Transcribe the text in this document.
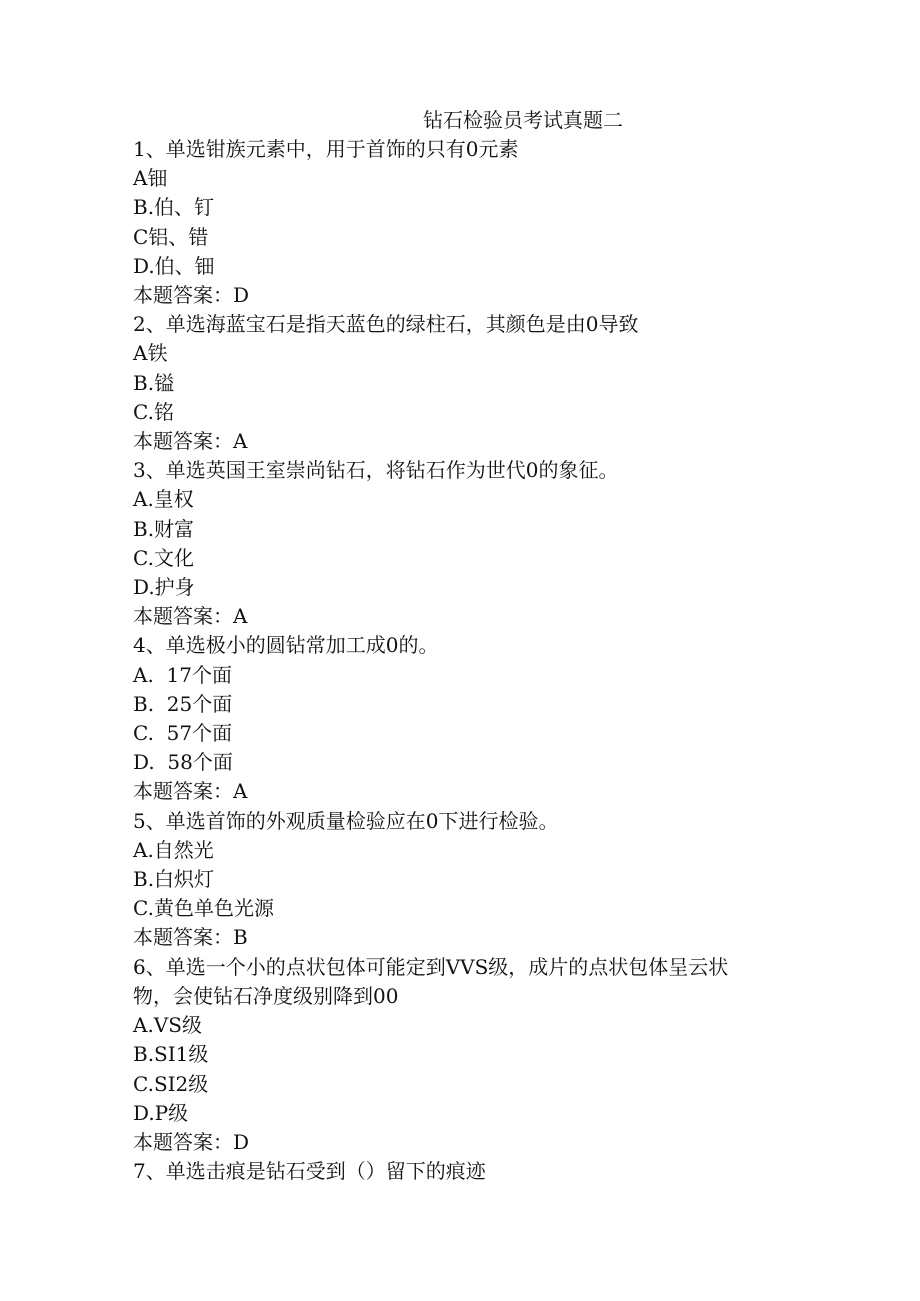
钻石检验员考试真题二

1、单选钳族元素中，用于首饰的只有0元素

A钿

B.伯、钉

C铝、错

D.伯、钿

本题答案：D

2、单选海蓝宝石是指天蓝色的绿柱石，其颜色是由0导致

A铁

B.镒

C.铭

本题答案：A

3、单选英国王室崇尚钻石，将钻石作为世代0的象征。

A.皇权

B.财富

C.文化

D.护身

本题答案：A

4、单选极小的圆钻常加工成0的。

A.  17个面

B.  25个面

C.  57个面

D.  58个面

本题答案：A

5、单选首饰的外观质量检验应在0下进行检验。

A.自然光

B.白炽灯

C.黄色单色光源

本题答案：B

6、单选一个小的点状包体可能定到VVS级，成片的点状包体呈云状

物，会使钻石净度级别降到00

A.VS级

B.SI1级

C.SI2级

D.P级

本题答案：D

7、单选击痕是钻石受到（）留下的痕迹
